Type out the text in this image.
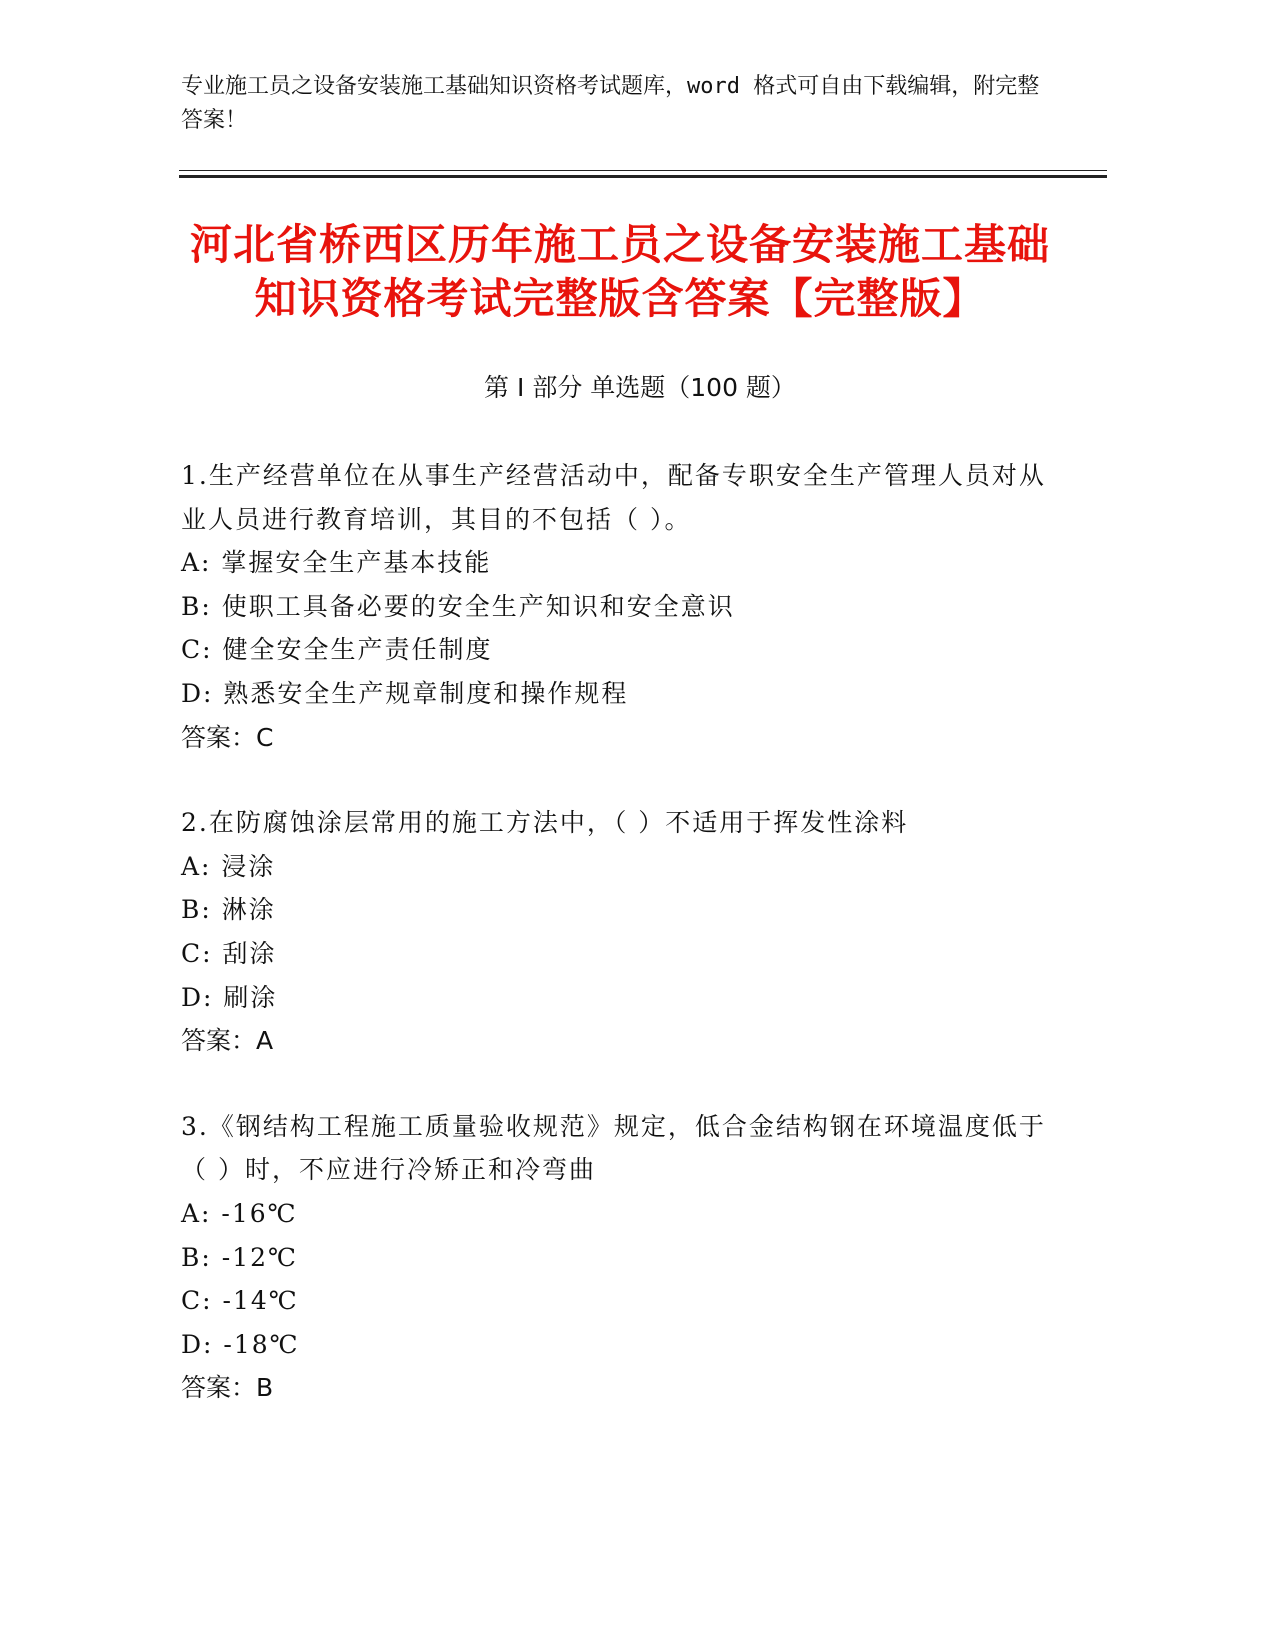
专业施工员之设备安装施工基础知识资格考试题库，word 格式可自由下载编辑，附完整答案！
河北省桥西区历年施工员之设备安装施工基础知识资格考试完整版含答案【完整版】
第 I 部分 单选题（100 题）
1.生产经营单位在从事生产经营活动中，配备专职安全生产管理人员对从业人员进行教育培训，其目的不包括（ ）。
A: 掌握安全生产基本技能
B: 使职工具备必要的安全生产知识和安全意识
C: 健全安全生产责任制度
D: 熟悉安全生产规章制度和操作规程
答案：C
2.在防腐蚀涂层常用的施工方法中，（ ）不适用于挥发性涂料
A: 浸涂
B: 淋涂
C: 刮涂
D: 刷涂
答案：A
3.《钢结构工程施工质量验收规范》规定，低合金结构钢在环境温度低于（ ）时，不应进行冷矫正和冷弯曲
A: -16℃
B: -12℃
C: -14℃
D: -18℃
答案：B
